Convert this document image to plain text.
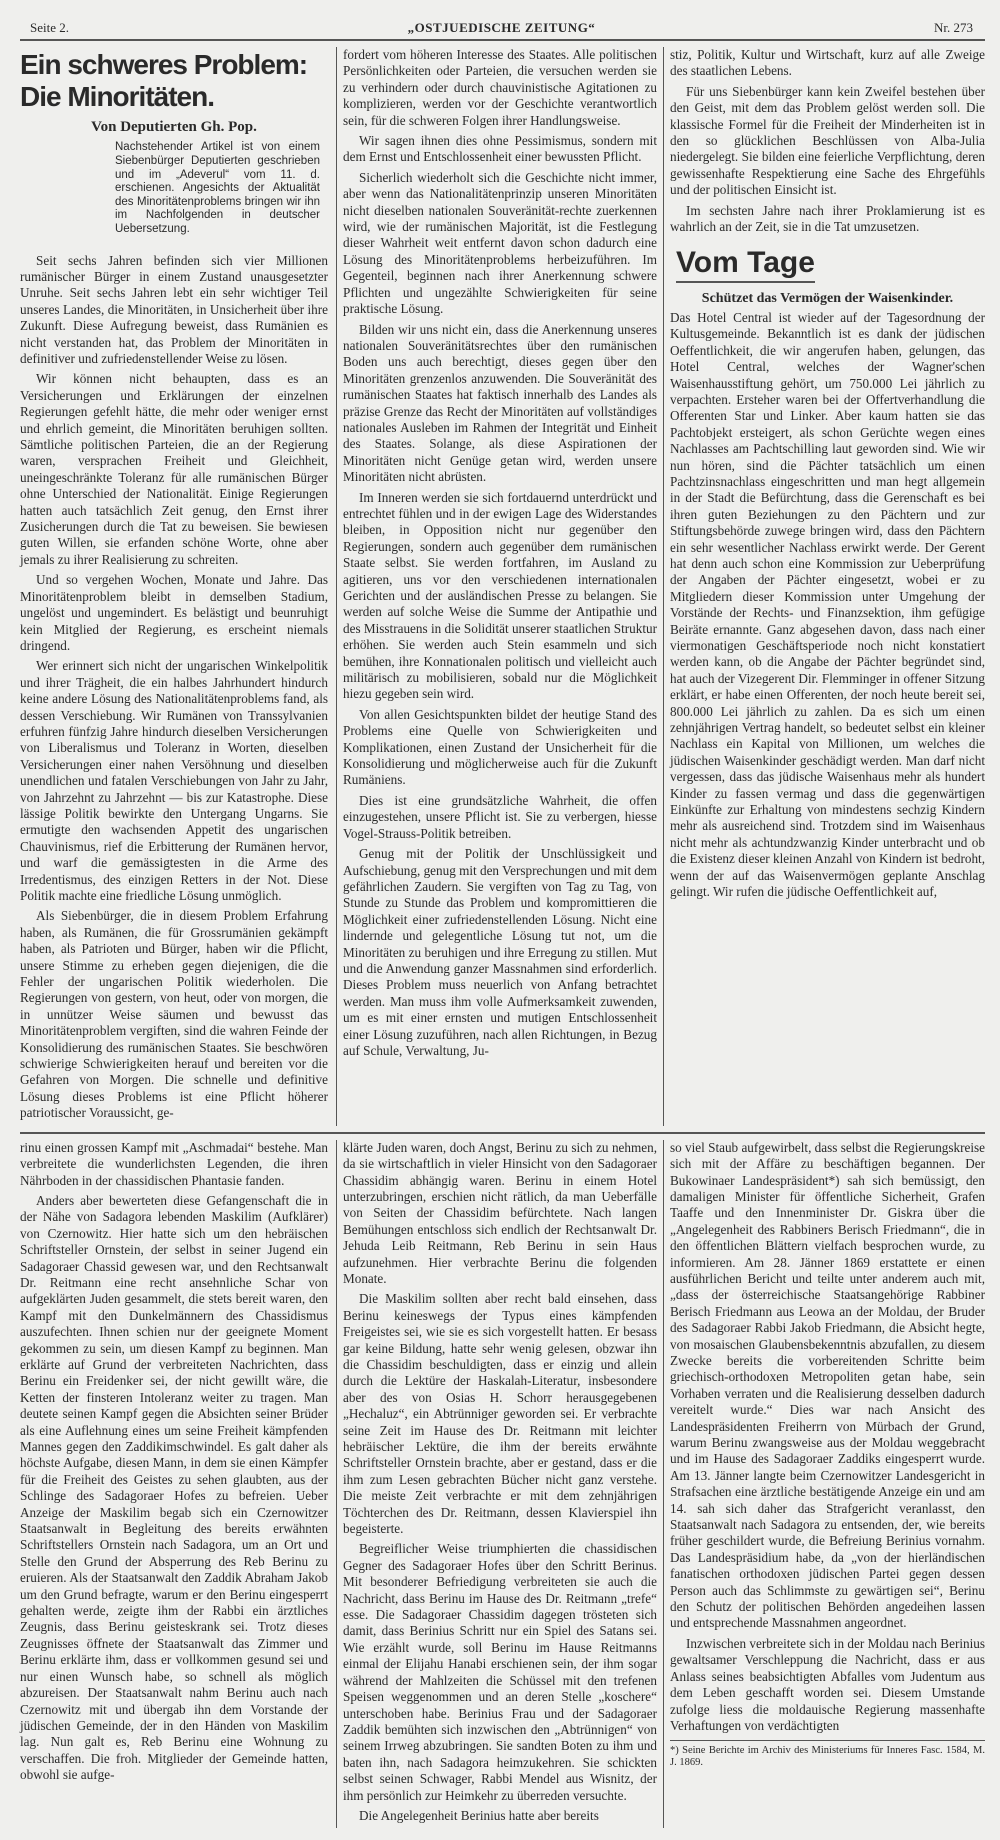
Seite 2.	„OSTJUEDISCHE ZEITUNG“	Nr. 273
Ein schweres Problem: Die Minoritäten.
Von Deputierten Gh. Pop.
Nachstehender Artikel ist von einem Siebenbürger Deputierten geschrieben und im „Adeverul“ vom 11. d. erschienen. Angesichts der Aktualität des Minoritätenproblems bringen wir ihn im Nachfolgenden in deutscher Uebersetzung.

Seit sechs Jahren befinden sich vier Millionen rumänischer Bürger in einem Zustand unausgesetzter Unruhe. Seit sechs Jahren lebt ein sehr wichtiger Teil unseres Landes, die Minoritäten, in Unsicherheit über ihre Zukunft. Diese Aufregung beweist, dass Rumänien es nicht verstanden hat, das Problem der Minoritäten in definitiver und zufriedenstellender Weise zu lösen.

Wir können nicht behaupten, dass es an Versicherungen und Erklärungen der einzelnen Regierungen gefehlt hätte, die mehr oder weniger ernst und ehrlich gemeint, die Minoritäten beruhigen sollten. Sämtliche politischen Parteien, die an der Regierung waren, versprachen Freiheit und Gleichheit, uneingeschränkte Toleranz für alle rumänischen Bürger ohne Unterschied der Nationalität. Einige Regierungen hatten auch tatsächlich Zeit genug, den Ernst ihrer Zusicherungen durch die Tat zu beweisen. Sie bewiesen guten Willen, sie erfanden schöne Worte, ohne aber jemals zu ihrer Realisierung zu schreiten.

Und so vergehen Wochen, Monate und Jahre. Das Minoritätenproblem bleibt in demselben Stadium, ungelöst und ungemindert. Es belästigt und beunruhigt kein Mitglied der Regierung, es erscheint niemals dringend.

Wer erinnert sich nicht der ungarischen Winkelpolitik und ihrer Trägheit, die ein halbes Jahrhundert hindurch keine andere Lösung des Nationalitätenproblems fand, als dessen Verschiebung. Wir Rumänen von Transsylvanien erfuhren fünfzig Jahre hindurch dieselben Versicherungen von Liberalismus und Toleranz in Worten, dieselben Versicherungen einer nahen Versöhnung und dieselben unendlichen und fatalen Verschiebungen von Jahr zu Jahr, von Jahrzehnt zu Jahrzehnt — bis zur Katastrophe. Diese lässige Politik bewirkte den Untergang Ungarns. Sie ermutigte den wachsenden Appetit des ungarischen Chauvinismus, rief die Erbitterung der Rumänen hervor, und warf die gemässigtesten in die Arme des Irredentismus, des einzigen Retters in der Not. Diese Politik machte eine friedliche Lösung unmöglich.

Als Siebenbürger, die in diesem Problem Erfahrung haben, als Rumänen, die für Grossrumänien gekämpft haben, als Patrioten und Bürger, haben wir die Pflicht, unsere Stimme zu erheben gegen diejenigen, die die Fehler der ungarischen Politik wiederholen. Die Regierungen von gestern, von heut, oder von morgen, die in unnützer Weise säumen und bewusst das Minoritätenproblem vergiften, sind die wahren Feinde der Konsolidierung des rumänischen Staates. Sie beschwören schwierige Schwierigkeiten herauf und bereiten vor die Gefahren von Morgen. Die schnelle und definitive Lösung dieses Problems ist eine Pflicht höherer patriotischer Voraussicht, ge-

fordert vom höheren Interesse des Staates. Alle politischen Persönlichkeiten oder Parteien, die versuchen werden sie zu verhindern oder durch chauvinistische Agitationen zu komplizieren, werden vor der Geschichte verantwortlich sein, für die schweren Folgen ihrer Handlungsweise.

Wir sagen ihnen dies ohne Pessimismus, sondern mit dem Ernst und Entschlossenheit einer bewussten Pflicht.

Sicherlich wiederholt sich die Geschichte nicht immer, aber wenn das Nationalitätenprinzip unseren Minoritäten nicht dieselben nationalen Souveränität-rechte zuerkennen wird, wie der rumänischen Majorität, ist die Festlegung dieser Wahrheit weit entfernt davon schon dadurch eine Lösung des Minoritätenproblems herbeizuführen. Im Gegenteil, beginnen nach ihrer Anerkennung schwere Pflichten und ungezählte Schwierigkeiten für seine praktische Lösung.

Bilden wir uns nicht ein, dass die Anerkennung unseres nationalen Souveränitätsrechtes über den rumänischen Boden uns auch berechtigt, dieses gegen über den Minoritäten grenzenlos anzuwenden. Die Souveränität des rumänischen Staates hat faktisch innerhalb des Landes als präzise Grenze das Recht der Minoritäten auf vollständiges nationales Ausleben im Rahmen der Integrität und Einheit des Staates. Solange, als diese Aspirationen der Minoritäten nicht Genüge getan wird, werden unsere Minoritäten nicht abrüsten.

Im Inneren werden sie sich fortdauernd unterdrückt und entrechtet fühlen und in der ewigen Lage des Widerstandes bleiben, in Opposition nicht nur gegenüber den Regierungen, sondern auch gegenüber dem rumänischen Staate selbst. Sie werden fortfahren, im Ausland zu agitieren, uns vor den verschiedenen internationalen Gerichten und der ausländischen Presse zu belangen. Sie werden auf solche Weise die Summe der Antipathie und des Misstrauens in die Solidität unserer staatlichen Struktur erhöhen. Sie werden auch Stein esammeln und sich bemühen, ihre Konnationalen politisch und vielleicht auch militärisch zu mobilisieren, sobald nur die Möglichkeit hiezu gegeben sein wird.

Von allen Gesichtspunkten bildet der heutige Stand des Problems eine Quelle von Schwierigkeiten und Komplikationen, einen Zustand der Unsicherheit für die Konsolidierung und möglicherweise auch für die Zukunft Rumäniens.

Dies ist eine grundsätzliche Wahrheit, die offen einzugestehen, unsere Pflicht ist. Sie zu verbergen, hiesse Vogel-Strauss-Politik betreiben.

Genug mit der Politik der Unschlüssigkeit und Aufschiebung, genug mit den Versprechungen und mit dem gefährlichen Zaudern. Sie vergiften von Tag zu Tag, von Stunde zu Stunde das Problem und kompromittieren die Möglichkeit einer zufriedenstellenden Lösung. Nicht eine lindernde und gelegentliche Lösung tut not, um die Minoritäten zu beruhigen und ihre Erregung zu stillen. Mut und die Anwendung ganzer Massnahmen sind erforderlich. Dieses Problem muss neuerlich von Anfang betrachtet werden. Man muss ihm volle Aufmerksamkeit zuwenden, um es mit einer ernsten und mutigen Entschlossenheit einer Lösung zuzuführen, nach allen Richtungen, in Bezug auf Schule, Verwaltung, Ju-

stiz, Politik, Kultur und Wirtschaft, kurz auf alle Zweige des staatlichen Lebens.

Für uns Siebenbürger kann kein Zweifel bestehen über den Geist, mit dem das Problem gelöst werden soll. Die klassische Formel für die Freiheit der Minderheiten ist in den so glücklichen Beschlüssen von Alba-Julia niedergelegt. Sie bilden eine feierliche Verpflichtung, deren gewissenhafte Respektierung eine Sache des Ehrgefühls und der politischen Einsicht ist.

Im sechsten Jahre nach ihrer Proklamierung ist es wahrlich an der Zeit, sie in die Tat umzusetzen.

Vom Tage
Schützet das Vermögen der Waisenkinder.

Das Hotel Central ist wieder auf der Tagesordnung der Kultusgemeinde. Bekanntlich ist es dank der jüdischen Oeffentlichkeit, die wir angerufen haben, gelungen, das Hotel Central, welches der Wagner'schen Waisenhausstiftung gehört, um 750.000 Lei jährlich zu verpachten. Ersteher waren bei der Offertverhandlung die Offerenten Star und Linker. Aber kaum hatten sie das Pachtobjekt ersteigert, als schon Gerüchte wegen eines Nachlasses am Pachtschilling laut geworden sind. Wie wir nun hören, sind die Pächter tatsächlich um einen Pachtzinsnachlass eingeschritten und man hegt allgemein in der Stadt die Befürchtung, dass die Gerenschaft es bei ihren guten Beziehungen zu den Pächtern und zur Stiftungsbehörde zuwege bringen wird, dass den Pächtern ein sehr wesentlicher Nachlass erwirkt werde. Der Gerent hat denn auch schon eine Kommission zur Ueberprüfung der Angaben der Pächter eingesetzt, wobei er zu Mitgliedern dieser Kommission unter Umgehung der Vorstände der Rechts- und Finanzsektion, ihm gefügige Beiräte ernannte. Ganz abgesehen davon, dass nach einer viermonatigen Geschäftsperiode noch nicht konstatiert werden kann, ob die Angabe der Pächter begründet sind, hat auch der Vizegerent Dir. Flemminger in offener Sitzung erklärt, er habe einen Offerenten, der noch heute bereit sei, 800.000 Lei jährlich zu zahlen. Da es sich um einen zehnjährigen Vertrag handelt, so bedeutet selbst ein kleiner Nachlass ein Kapital von Millionen, um welches die jüdischen Waisenkinder geschädigt werden. Man darf nicht vergessen, dass das jüdische Waisenhaus mehr als hundert Kinder zu fassen vermag und dass die gegenwärtigen Einkünfte zur Erhaltung von mindestens sechzig Kindern mehr als ausreichend sind. Trotzdem sind im Waisenhaus nicht mehr als achtundzwanzig Kinder unterbracht und ob die Existenz dieser kleinen Anzahl von Kindern ist bedroht, wenn der auf das Waisenvermögen geplante Anschlag gelingt. Wir rufen die jüdische Oeffentlichkeit auf,

rinu einen grossen Kampf mit „Aschmadai“ bestehe. Man verbreitete die wunderlichsten Legenden, die ihren Nährboden in der chassidischen Phantasie fanden.

Anders aber bewerteten diese Gefangenschaft die in der Nähe von Sadagora lebenden Maskilim (Aufklärer) von Czernowitz. Hier hatte sich um den hebräischen Schriftsteller Ornstein, der selbst in seiner Jugend ein Sadagoraer Chassid gewesen war, und den Rechtsanwalt Dr. Reitmann eine recht ansehnliche Schar von aufgeklärten Juden gesammelt, die stets bereit waren, den Kampf mit den Dunkelmännern des Chassidismus auszufechten. Ihnen schien nur der geeignete Moment gekommen zu sein, um diesen Kampf zu beginnen. Man erklärte auf Grund der verbreiteten Nachrichten, dass Berinu ein Freidenker sei, der nicht gewillt wäre, die Ketten der finsteren Intoleranz weiter zu tragen. Man deutete seinen Kampf gegen die Absichten seiner Brüder als eine Auflehnung eines um seine Freiheit kämpfenden Mannes gegen den Zaddikimschwindel. Es galt daher als höchste Aufgabe, diesen Mann, in dem sie einen Kämpfer für die Freiheit des Geistes zu sehen glaubten, aus der Schlinge des Sadagoraer Hofes zu befreien. Ueber Anzeige der Maskilim begab sich ein Czernowitzer Staatsanwalt in Begleitung des bereits erwähnten Schriftstellers Ornstein nach Sadagora, um an Ort und Stelle den Grund der Absperrung des Reb Berinu zu eruieren. Als der Staatsanwalt den Zaddik Abraham Jakob um den Grund befragte, warum er den Berinu eingesperrt gehalten werde, zeigte ihm der Rabbi ein ärztliches Zeugnis, dass Berinu geisteskrank sei. Trotz dieses Zeugnisses öffnete der Staatsanwalt das Zimmer und Berinu erklärte ihm, dass er vollkommen gesund sei und nur einen Wunsch habe, so schnell als möglich abzureisen. Der Staatsanwalt nahm Berinu auch nach Czernowitz mit und übergab ihn dem Vorstande der jüdischen Gemeinde, der in den Händen von Maskilim lag. Nun galt es, Reb Berinu eine Wohnung zu verschaffen. Die froh. Mitglieder der Gemeinde hatten, obwohl sie aufge-

klärte Juden waren, doch Angst, Berinu zu sich zu nehmen, da sie wirtschaftlich in vieler Hinsicht von den Sadagoraer Chassidim abhängig waren. Berinu in einem Hotel unterzubringen, erschien nicht rätlich, da man Ueberfälle von Seiten der Chassidim befürchtete. Nach langen Bemühungen entschloss sich endlich der Rechtsanwalt Dr. Jehuda Leib Reitmann, Reb Berinu in sein Haus aufzunehmen. Hier verbrachte Berinu die folgenden Monate.

Die Maskilim sollten aber recht bald einsehen, dass Berinu keineswegs der Typus eines kämpfenden Freigeistes sei, wie sie es sich vorgestellt hatten. Er besass gar keine Bildung, hatte sehr wenig gelesen, obzwar ihn die Chassidim beschuldigten, dass er einzig und allein durch die Lektüre der Haskalah-Literatur, insbesondere aber des von Osias H. Schorr herausgegebenen „Hechaluz“, ein Abtrünniger geworden sei. Er verbrachte seine Zeit im Hause des Dr. Reitmann mit leichter hebräischer Lektüre, die ihm der bereits erwähnte Schriftsteller Ornstein brachte, aber er gestand, dass er die ihm zum Lesen gebrachten Bücher nicht ganz verstehe. Die meiste Zeit verbrachte er mit dem zehnjährigen Töchterchen des Dr. Reitmann, dessen Klavierspiel ihn begeisterte.

Begreiflicher Weise triumphierten die chassidischen Gegner des Sadagoraer Hofes über den Schritt Berinus. Mit besonderer Befriedigung verbreiteten sie auch die Nachricht, dass Berinu im Hause des Dr. Reitmann „trefe“ esse. Die Sadagoraer Chassidim dagegen trösteten sich damit, dass Berinius Schritt nur ein Spiel des Satans sei. Wie erzählt wurde, soll Berinu im Hause Reitmanns einmal der Elijahu Hanabi erschienen sein, der ihm sogar während der Mahlzeiten die Schüssel mit den trefenen Speisen weggenommen und an deren Stelle „koschere“ unterschoben habe. Berinius Frau und der Sadagoraer Zaddik bemühten sich inzwischen den „Abtrünnigen“ von seinem Irrweg abzubringen. Sie sandten Boten zu ihm und baten ihn, nach Sadagora heimzukehren. Sie schickten selbst seinen Schwager, Rabbi Mendel aus Wisnitz, der ihm persönlich zur Heimkehr zu überreden versuchte.

Die Angelegenheit Berinius hatte aber bereits

so viel Staub aufgewirbelt, dass selbst die Regierungskreise sich mit der Affäre zu beschäftigen begannen. Der Bukowinaer Landespräsident*) sah sich bemüssigt, den damaligen Minister für öffentliche Sicherheit, Grafen Taaffe und den Innenminister Dr. Giskra über die „Angelegenheit des Rabbiners Berisch Friedmann“, die in den öffentlichen Blättern vielfach besprochen wurde, zu informieren. Am 28. Jänner 1869 erstattete er einen ausführlichen Bericht und teilte unter anderem auch mit, „dass der österreichische Staatsangehörige Rabbiner Berisch Friedmann aus Leowa an der Moldau, der Bruder des Sadagoraer Rabbi Jakob Friedmann, die Absicht hegte, von mosaischen Glaubensbekenntnis abzufallen, zu diesem Zwecke bereits die vorbereitenden Schritte beim griechisch-orthodoxen Metropoliten getan habe, sein Vorhaben verraten und die Realisierung desselben dadurch vereitelt wurde.“ Dies war nach Ansicht des Landespräsidenten Freiherrn von Mürbach der Grund, warum Berinu zwangsweise aus der Moldau weggebracht und im Hause des Sadagoraer Zaddiks eingesperrt wurde. Am 13. Jänner langte beim Czernowitzer Landesgericht in Strafsachen eine ärztliche bestätigende Anzeige ein und am 14. sah sich daher das Strafgericht veranlasst, den Staatsanwalt nach Sadagora zu entsenden, der, wie bereits früher geschildert wurde, die Befreiung Berinius vornahm. Das Landespräsidium habe, da „von der hierländischen fanatischen orthodoxen jüdischen Partei gegen dessen Person auch das Schlimmste zu gewärtigen sei“, Berinu den Schutz der politischen Behörden angedeihen lassen und entsprechende Massnahmen angeordnet.

Inzwischen verbreitete sich in der Moldau nach Berinius gewaltsamer Verschleppung die Nachricht, dass er aus Anlass seines beabsichtigten Abfalles vom Judentum aus dem Leben geschafft worden sei. Diesem Umstande zufolge liess die moldauische Regierung massenhafte Verhaftungen von verdächtigten

*) Seine Berichte im Archiv des Ministeriums für Inneres Fasc. 1584, M. J. 1869.
